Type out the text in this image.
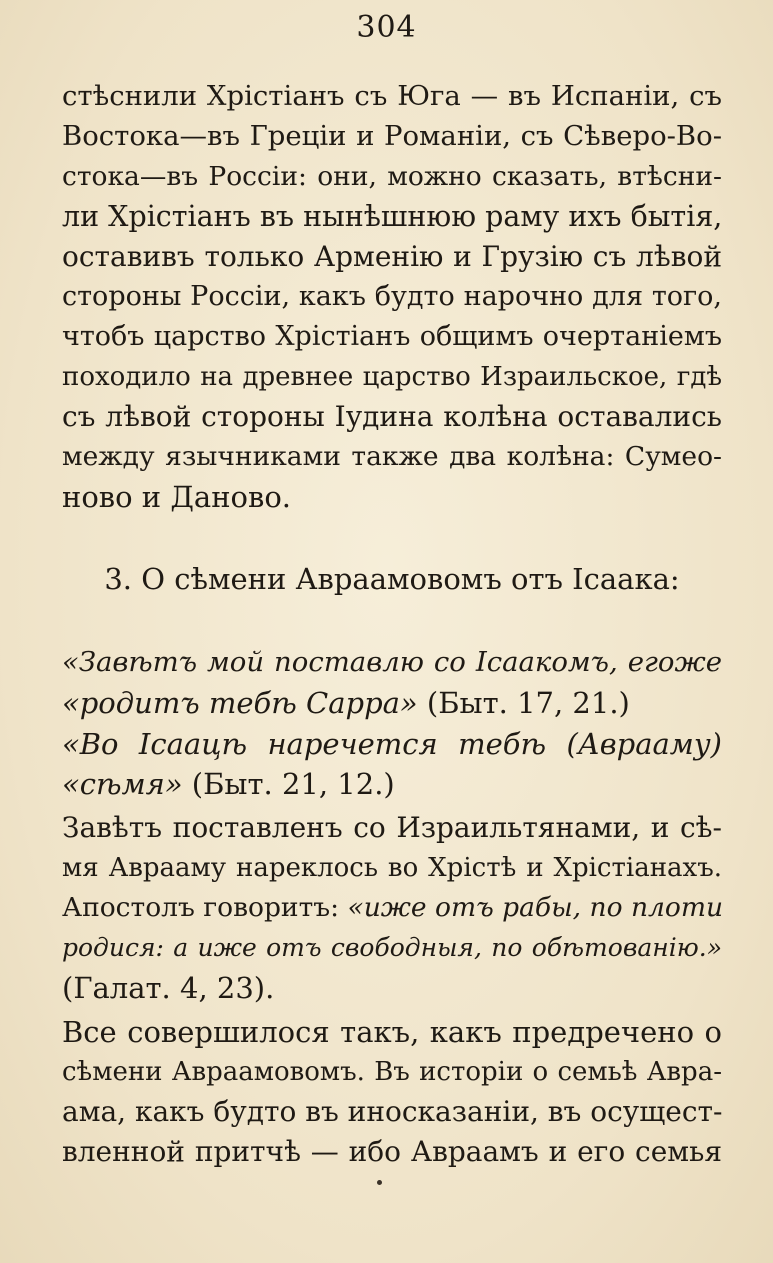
304
стѣснили Хрістіанъ съ Юга — въ Испаніи, съ
Востока—въ Греціи и Романіи, съ Сѣверо-Во-
стока—въ Россіи: они, можно сказать, втѣсни-
ли Хрістіанъ въ нынѣшнюю раму ихъ бытія,
оставивъ только Арменію и Грузію съ лѣвой
стороны Россіи, какъ будто нарочно для того,
чтобъ царство Хрістіанъ общимъ очертаніемъ
походило на древнее царство Израильское, гдѣ
съ лѣвой стороны Іудина колѣна оставались
между язычниками также два колѣна: Сумео-
ново и Даново.
3. О сѣмени Авраамовомъ отъ Ісаака:
«Завѣтъ мой поставлю со Ісаакомъ, егоже
«родитъ тебѣ Сарра» (Быт. 17, 21.)
«Во Ісаацѣ наречется тебѣ (Аврааму)
«сѣмя» (Быт. 21, 12.)
Завѣтъ поставленъ со Израильтянами, и сѣ-
мя Аврааму нареклось во Хрістѣ и Хрістіанахъ.
Апостолъ говоритъ: «иже отъ рабы, по плоти
родися: а иже отъ свободныя, по обѣтованію.»
(Галат. 4, 23).
Все совершилося такъ, какъ предречено о
сѣмени Авраамовомъ. Въ исторіи о семьѣ Авра-
ама, какъ будто въ иносказаніи, въ осущест-
вленной притчѣ — ибо Авраамъ и его семья
